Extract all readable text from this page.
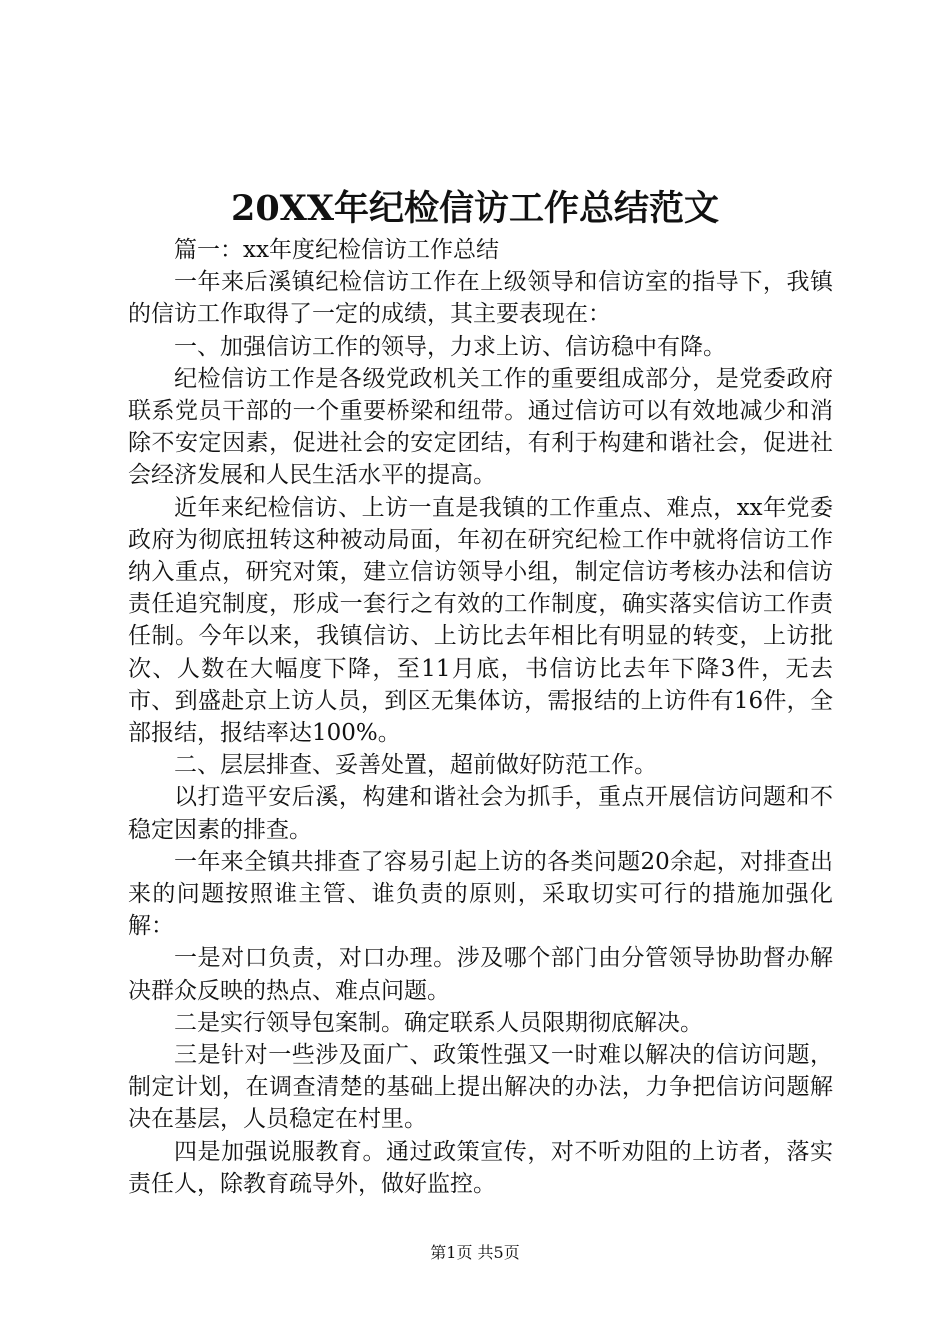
20XX年纪检信访工作总结范文

篇一：xx年度纪检信访工作总结

一年来后溪镇纪检信访工作在上级领导和信访室的指导下，我镇的信访工作取得了一定的成绩，其主要表现在：

一、加强信访工作的领导，力求上访、信访稳中有降。

纪检信访工作是各级党政机关工作的重要组成部分，是党委政府联系党员干部的一个重要桥梁和纽带。通过信访可以有效地减少和消除不安定因素，促进社会的安定团结，有利于构建和谐社会，促进社会经济发展和人民生活水平的提高。

近年来纪检信访、上访一直是我镇的工作重点、难点，xx年党委政府为彻底扭转这种被动局面，年初在研究纪检工作中就将信访工作纳入重点，研究对策，建立信访领导小组，制定信访考核办法和信访责任追究制度，形成一套行之有效的工作制度，确实落实信访工作责任制。今年以来，我镇信访、上访比去年相比有明显的转变，上访批次、人数在大幅度下降，至11月底，书信访比去年下降3件，无去市、到盛赴京上访人员，到区无集体访，需报结的上访件有16件，全部报结，报结率达100%。

二、层层排查、妥善处置，超前做好防范工作。

以打造平安后溪，构建和谐社会为抓手，重点开展信访问题和不稳定因素的排查。

一年来全镇共排查了容易引起上访的各类问题20余起，对排查出来的问题按照谁主管、谁负责的原则，采取切实可行的措施加强化解：

一是对口负责，对口办理。涉及哪个部门由分管领导协助督办解决群众反映的热点、难点问题。

二是实行领导包案制。确定联系人员限期彻底解决。

三是针对一些涉及面广、政策性强又一时难以解决的信访问题，制定计划，在调查清楚的基础上提出解决的办法，力争把信访问题解决在基层，人员稳定在村里。

四是加强说服教育。通过政策宣传，对不听劝阻的上访者，落实责任人，除教育疏导外，做好监控。

第1页 共5页
